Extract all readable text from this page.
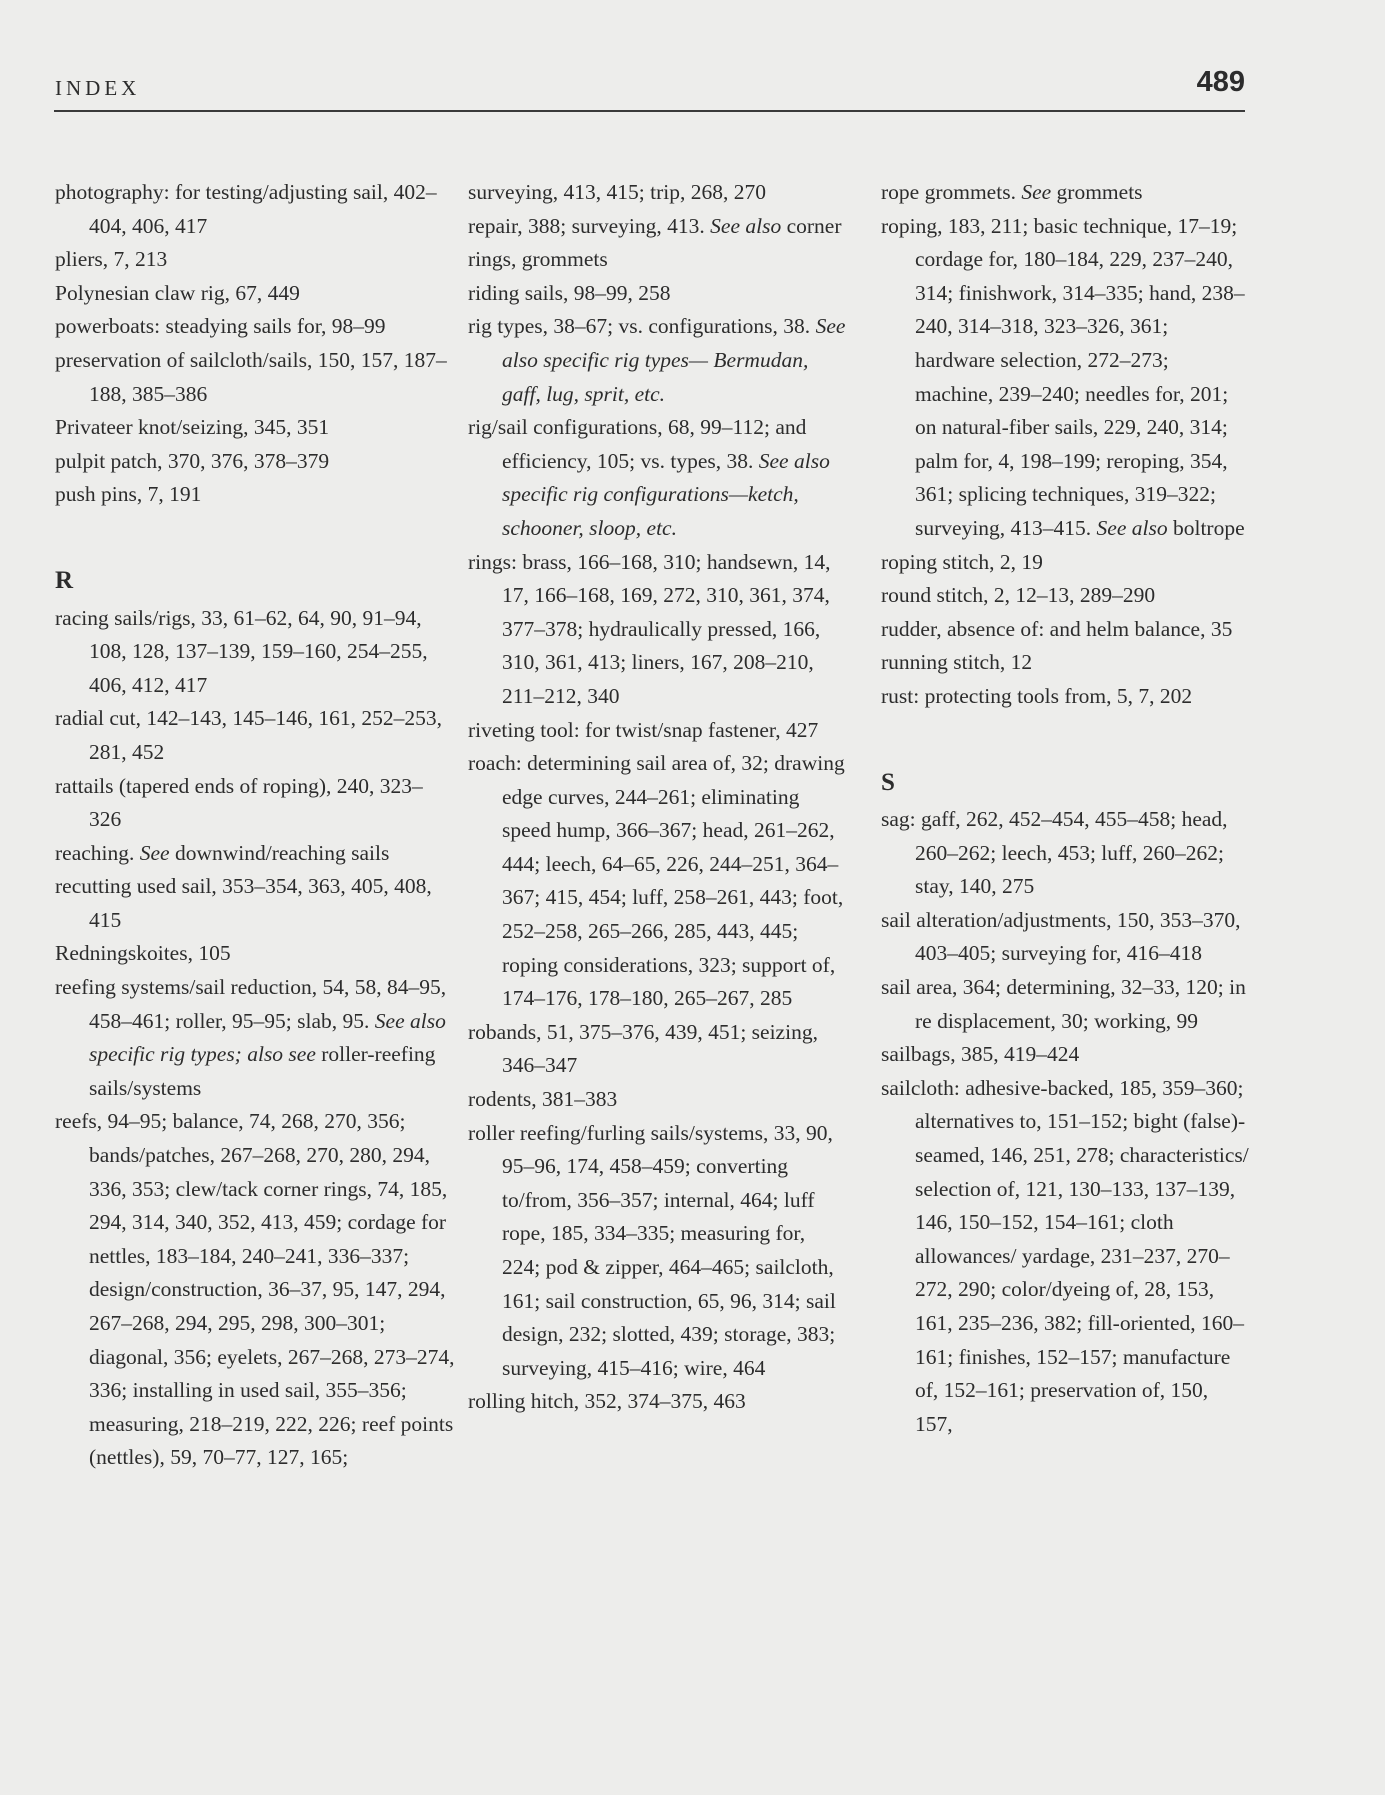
INDEX	489

photography: for testing/adjusting sail, 402–404, 406, 417

pliers, 7, 213

Polynesian claw rig, 67, 449

powerboats: steadying sails for, 98–99

preservation of sailcloth/sails, 150, 157, 187–188, 385–386

Privateer knot/seizing, 345, 351

pulpit patch, 370, 376, 378–379

push pins, 7, 191

R

racing sails/rigs, 33, 61–62, 64, 90, 91–94, 108, 128, 137–139, 159–160, 254–255, 406, 412, 417

radial cut, 142–143, 145–146, 161, 252–253, 281, 452

rattails (tapered ends of roping), 240, 323–326

reaching. See downwind/reaching sails

recutting used sail, 353–354, 363, 405, 408, 415

Redningskoites, 105

reefing systems/sail reduction, 54, 58, 84–95, 458–461; roller, 95–95; slab, 95. See also specific rig types; also see roller-reefing sails/systems

reefs, 94–95; balance, 74, 268, 270, 356; bands/patches, 267–268, 270, 280, 294, 336, 353; clew/tack corner rings, 74, 185, 294, 314, 340, 352, 413, 459; cordage for nettles, 183–184, 240–241, 336–337; design/construction, 36–37, 95, 147, 294, 267–268, 294, 295, 298, 300–301; diagonal, 356; eyelets, 267–268, 273–274, 336; installing in used sail, 355–356; measuring, 218–219, 222, 226; reef points (nettles), 59, 70–77, 127, 165;

surveying, 413, 415; trip, 268, 270

repair, 388; surveying, 413. See also corner rings, grommets

riding sails, 98–99, 258

rig types, 38–67; vs. configurations, 38. See also specific rig types— Bermudan, gaff, lug, sprit, etc.

rig/sail configurations, 68, 99–112; and efficiency, 105; vs. types, 38. See also specific rig configurations—ketch, schooner, sloop, etc.

rings: brass, 166–168, 310; handsewn, 14, 17, 166–168, 169, 272, 310, 361, 374, 377–378; hydraulically pressed, 166, 310, 361, 413; liners, 167, 208–210, 211–212, 340

riveting tool: for twist/snap fastener, 427

roach: determining sail area of, 32; drawing edge curves, 244–261; eliminating speed hump, 366–367; head, 261–262, 444; leech, 64–65, 226, 244–251, 364–367; 415, 454; luff, 258–261, 443; foot, 252–258, 265–266, 285, 443, 445; roping considerations, 323; support of, 174–176, 178–180, 265–267, 285

robands, 51, 375–376, 439, 451; seizing, 346–347

rodents, 381–383

roller reefing/furling sails/systems, 33, 90, 95–96, 174, 458–459; converting to/from, 356–357; internal, 464; luff rope, 185, 334–335; measuring for, 224; pod & zipper, 464–465; sailcloth, 161; sail construction, 65, 96, 314; sail design, 232; slotted, 439; storage, 383; surveying, 415–416; wire, 464

rolling hitch, 352, 374–375, 463

rope grommets. See grommets

roping, 183, 211; basic technique, 17–19; cordage for, 180–184, 229, 237–240, 314; finishwork, 314–335; hand, 238–240, 314–318, 323–326, 361; hardware selection, 272–273; machine, 239–240; needles for, 201; on natural-fiber sails, 229, 240, 314; palm for, 4, 198–199; reroping, 354, 361; splicing techniques, 319–322; surveying, 413–415. See also boltrope

roping stitch, 2, 19

round stitch, 2, 12–13, 289–290

rudder, absence of: and helm balance, 35

running stitch, 12

rust: protecting tools from, 5, 7, 202

S

sag: gaff, 262, 452–454, 455–458; head, 260–262; leech, 453; luff, 260–262; stay, 140, 275

sail alteration/adjustments, 150, 353–370, 403–405; surveying for, 416–418

sail area, 364; determining, 32–33, 120; in re displacement, 30; working, 99

sailbags, 385, 419–424

sailcloth: adhesive-backed, 185, 359–360; alternatives to, 151–152; bight (false)-seamed, 146, 251, 278; characteristics/ selection of, 121, 130–133, 137–139, 146, 150–152, 154–161; cloth allowances/ yardage, 231–237, 270–272, 290; color/dyeing of, 28, 153, 161, 235–236, 382; fill-oriented, 160–161; finishes, 152–157; manufacture of, 152–161; preservation of, 150, 157,
